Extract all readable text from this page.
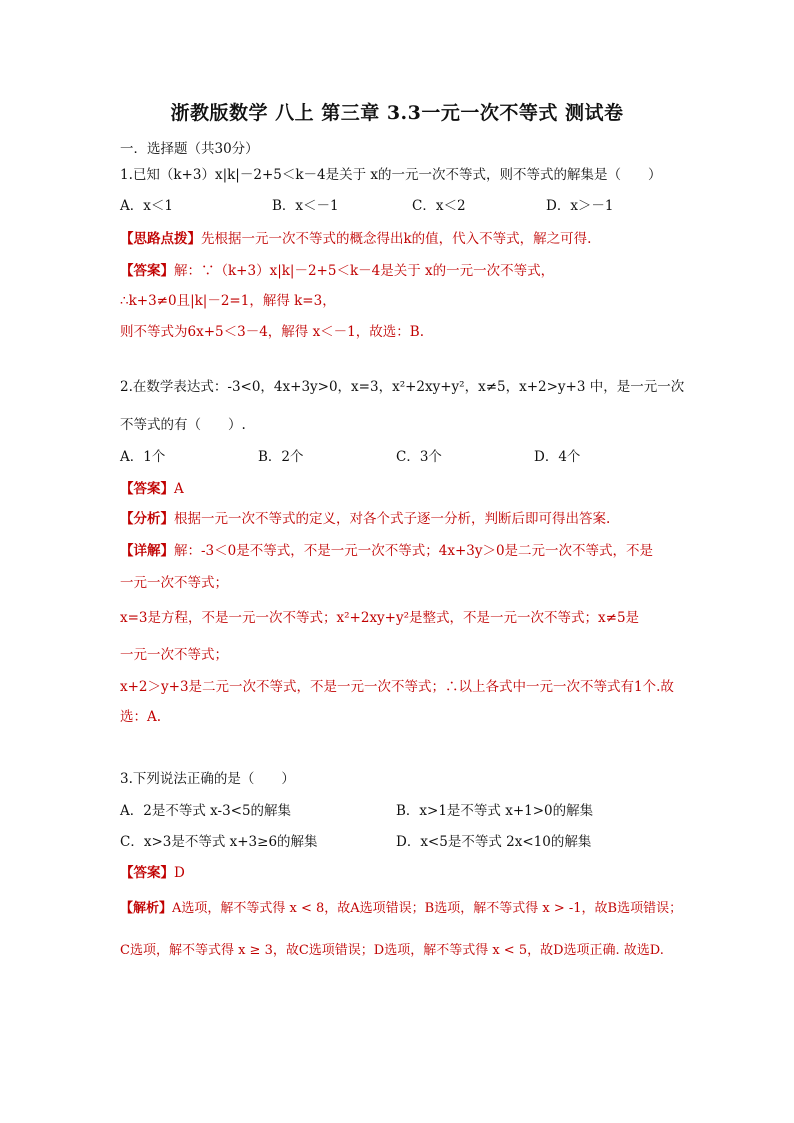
浙教版数学 八上 第三章 3.3一元一次不等式 测试卷
一．选择题（共30分）
1.已知（k+3）x|k|－2+5＜k－4是关于 x的一元一次不等式，则不等式的解集是（　　）
A．x＜1	B．x＜－1	C．x＜2	D．x＞－1
【思路点拨】先根据一元一次不等式的概念得出k的值，代入不等式，解之可得.
【答案】解：∵（k+3）x|k|－2+5＜k－4是关于 x的一元一次不等式，
∴k+3≠0且|k|－2=1，解得 k=3，
则不等式为6x+5＜3－4，解得 x＜－1，故选：B.
2.在数学表达式：-3<0，4x+3y>0，x=3，x²+2xy+y²，x≠5，x+2>y+3 中，是一元一次
不等式的有（　　）.
A．1个	B．2个	C．3个	D．4个
【答案】A
【分析】根据一元一次不等式的定义，对各个式子逐一分析，判断后即可得出答案.
【详解】解：-3＜0是不等式，不是一元一次不等式；4x+3y＞0是二元一次不等式，不是
一元一次不等式；
x=3是方程，不是一元一次不等式；x²+2xy+y²是整式，不是一元一次不等式；x≠5是
一元一次不等式；
x+2＞y+3是二元一次不等式，不是一元一次不等式；∴以上各式中一元一次不等式有1个.故
选：A.
3.下列说法正确的是（　　）
A．2是不等式 x-3<5的解集	B．x>1是不等式 x+1>0的解集
C．x>3是不等式 x+3≥6的解集	D．x<5是不等式 2x<10的解集
【答案】D
【解析】A选项，解不等式得 x < 8，故A选项错误；B选项，解不等式得 x > -1，故B选项错误；
C选项，解不等式得 x ≥ 3，故C选项错误；D选项，解不等式得 x < 5，故D选项正确. 故选D.
